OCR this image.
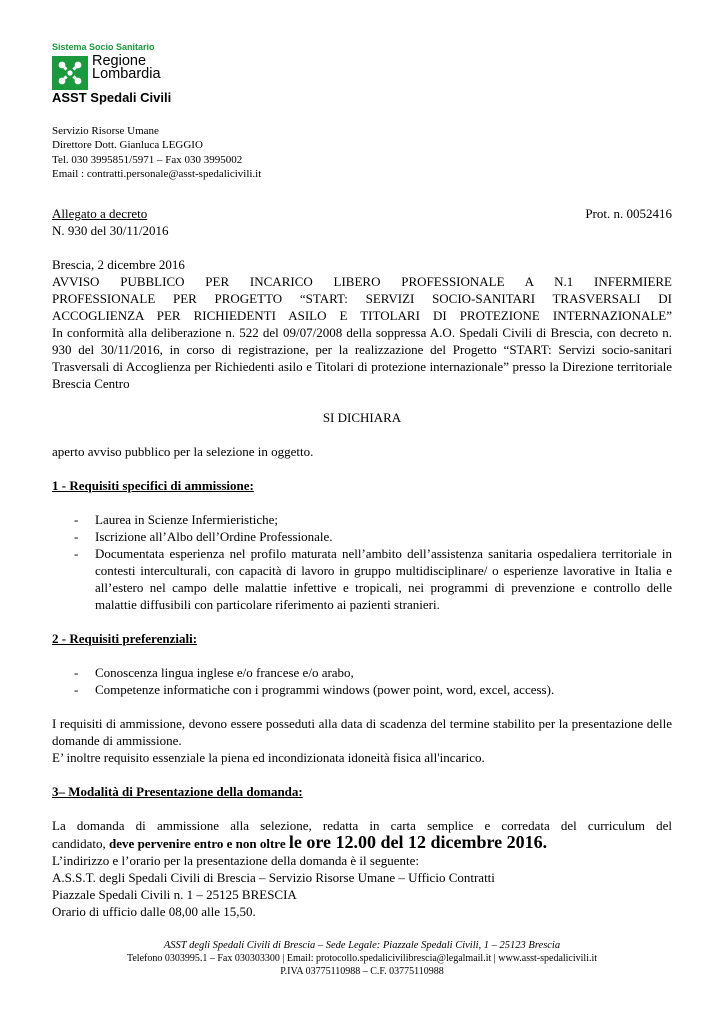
Sistema Socio Sanitario
Regione
Lombardia
ASST Spedali Civili
Servizio Risorse Umane
Direttore Dott. Gianluca LEGGIO
Tel. 030 3995851/5971 – Fax 030 3995002
Email : contratti.personale@asst-spedalicivili.it
Allegato a decreto	Prot. n. 0052416
N. 930 del 30/11/2016
Brescia, 2 dicembre 2016
AVVISO PUBBLICO PER INCARICO LIBERO PROFESSIONALE A N.1 INFERMIERE
PROFESSIONALE PER PROGETTO “START: SERVIZI SOCIO-SANITARI TRASVERSALI DI
ACCOGLIENZA PER RICHIEDENTI ASILO E TITOLARI DI PROTEZIONE INTERNAZIONALE”
In conformità alla deliberazione n. 522 del 09/07/2008 della soppressa A.O. Spedali Civili di Brescia, con decreto n. 930 del 30/11/2016, in corso di registrazione, per la realizzazione del Progetto “START: Servizi socio-sanitari Trasversali di Accoglienza per Richiedenti asilo e Titolari di protezione internazionale” presso la Direzione territoriale Brescia Centro
SI DICHIARA
aperto avviso pubblico per la selezione in oggetto.
1 - Requisiti specifici di ammissione:
- Laurea in Scienze Infermieristiche;
- Iscrizione all’Albo dell’Ordine Professionale.
- Documentata esperienza nel profilo maturata nell’ambito dell’assistenza sanitaria ospedaliera territoriale in contesti interculturali, con capacità di lavoro in gruppo multidisciplinare/ o esperienze lavorative in Italia e all’estero nel campo delle malattie infettive e tropicali, nei programmi di prevenzione e controllo delle malattie diffusibili con particolare riferimento ai pazienti stranieri.
2 - Requisiti preferenziali:
- Conoscenza lingua inglese e/o francese e/o arabo,
- Competenze informatiche con i programmi windows (power point, word, excel, access).
I requisiti di ammissione, devono essere posseduti alla data di scadenza del termine stabilito per la presentazione delle domande di ammissione.
E’ inoltre requisito essenziale la piena ed incondizionata idoneità fisica all'incarico.
3– Modalità di Presentazione della domanda:
La domanda di ammissione alla selezione, redatta in carta semplice e corredata del curriculum del
candidato, deve pervenire entro e non oltre le ore 12.00 del 12 dicembre 2016.
L’indirizzo e l’orario per la presentazione della domanda è il seguente:
A.S.S.T. degli Spedali Civili di Brescia – Servizio Risorse Umane – Ufficio Contratti
Piazzale Spedali Civili n. 1 – 25125 BRESCIA
Orario di ufficio dalle 08,00 alle 15,50.
ASST degli Spedali Civili di Brescia – Sede Legale: Piazzale Spedali Civili, 1 – 25123 Brescia
Telefono 0303995.1 – Fax 030303300 | Email: protocollo.spedalicivilibrescia@legalmail.it | www.asst-spedalicivili.it
P.IVA 03775110988 – C.F. 03775110988
